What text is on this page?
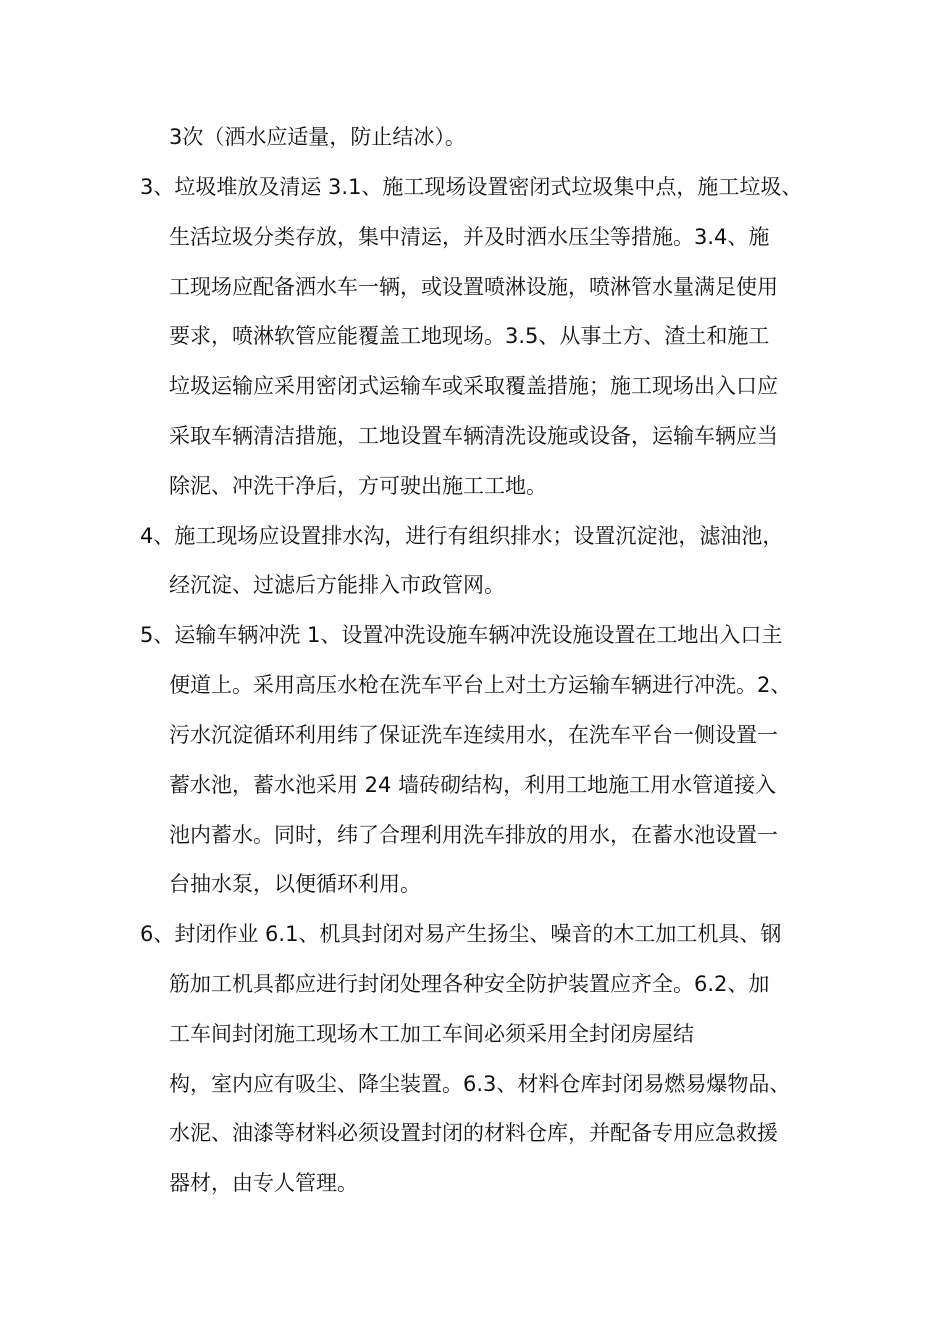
3次（洒水应适量，防止结冰）。
3、垃圾堆放及清运 3.1、施工现场设置密闭式垃圾集中点，施工垃圾、
生活垃圾分类存放，集中清运，并及时洒水压尘等措施。3.4、施
工现场应配备洒水车一辆，或设置喷淋设施，喷淋管水量满足使用
要求，喷淋软管应能覆盖工地现场。3.5、从事土方、渣土和施工
垃圾运输应采用密闭式运输车或采取覆盖措施；施工现场出入口应
采取车辆清洁措施，工地设置车辆清洗设施或设备，运输车辆应当
除泥、冲洗干净后，方可驶出施工工地。
4、施工现场应设置排水沟，进行有组织排水；设置沉淀池，滤油池，
经沉淀、过滤后方能排入市政管网。
5、运输车辆冲洗 1、设置冲洗设施车辆冲洗设施设置在工地出入口主
便道上。采用高压水枪在洗车平台上对土方运输车辆进行冲洗。2、
污水沉淀循环利用纬了保证洗车连续用水，在洗车平台一侧设置一
蓄水池，蓄水池采用 24 墙砖砌结构，利用工地施工用水管道接入
池内蓄水。同时，纬了合理利用洗车排放的用水，在蓄水池设置一
台抽水泵，以便循环利用。
6、封闭作业 6.1、机具封闭对易产生扬尘、噪音的木工加工机具、钢
筋加工机具都应进行封闭处理各种安全防护装置应齐全。6.2、加
工车间封闭施工现场木工加工车间必须采用全封闭房屋结
构，室内应有吸尘、降尘装置。6.3、材料仓库封闭易燃易爆物品、
水泥、油漆等材料必须设置封闭的材料仓库，并配备专用应急救援
器材，由专人管理。
